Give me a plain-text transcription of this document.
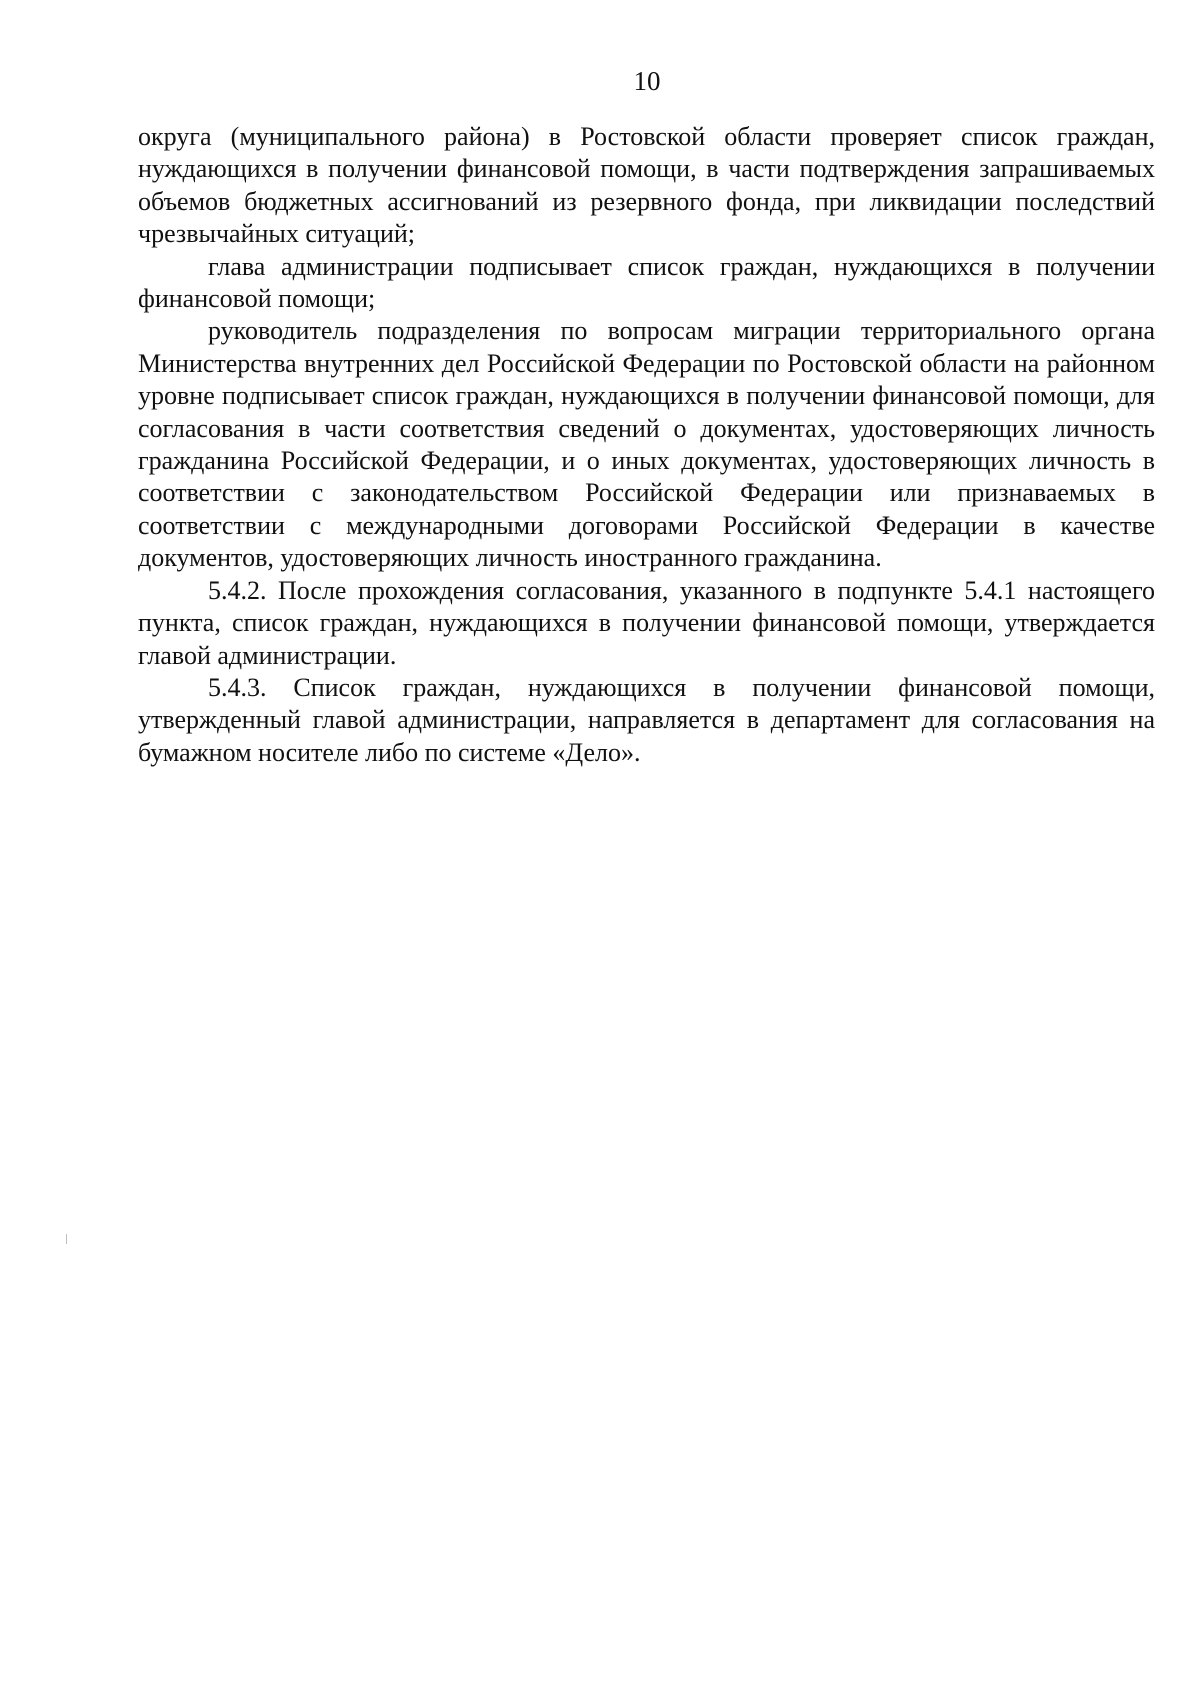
10

округа (муниципального района) в Ростовской области проверяет список граждан, нуждающихся в получении финансовой помощи, в части подтверждения запрашиваемых объемов бюджетных ассигнований из резервного фонда, при ликвидации последствий чрезвычайных ситуаций;

глава администрации подписывает список граждан, нуждающихся в получении финансовой помощи;

руководитель подразделения по вопросам миграции территориального органа Министерства внутренних дел Российской Федерации по Ростовской области на районном уровне подписывает список граждан, нуждающихся в получении финансовой помощи, для согласования в части соответствия сведений о документах, удостоверяющих личность гражданина Российской Федерации, и о иных документах, удостоверяющих личность в соответствии с законодательством Российской Федерации или признаваемых в соответствии с международными договорами Российской Федерации в качестве документов, удостоверяющих личность иностранного гражданина.

5.4.2. После прохождения согласования, указанного в подпункте 5.4.1 настоящего пункта, список граждан, нуждающихся в получении финансовой помощи, утверждается главой администрации.

5.4.3. Список граждан, нуждающихся в получении финансовой помощи, утвержденный главой администрации, направляется в департамент для согласования на бумажном носителе либо по системе «Дело».
